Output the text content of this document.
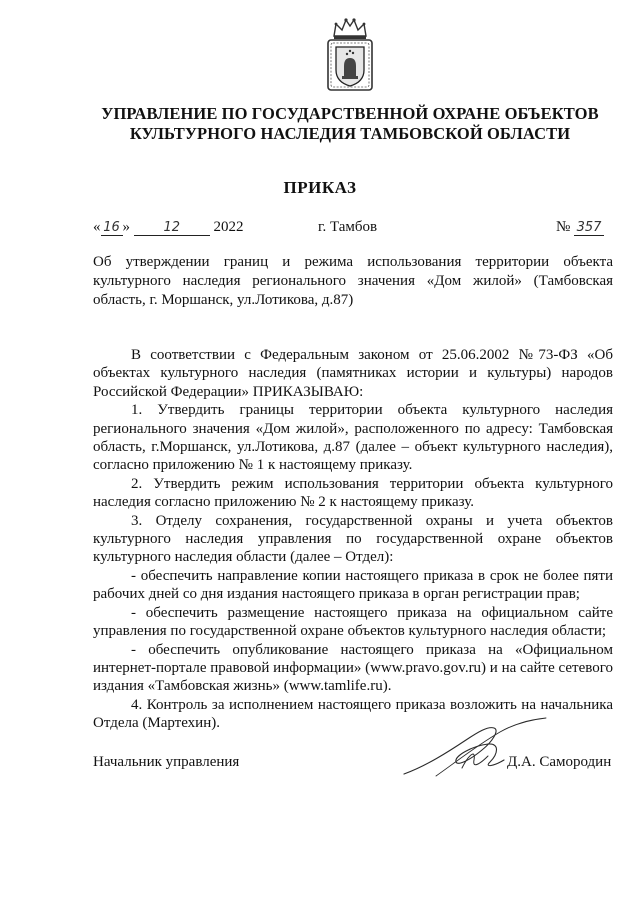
УПРАВЛЕНИЕ ПО ГОСУДАРСТВЕННОЙ ОХРАНЕ ОБЪЕКТОВ
КУЛЬТУРНОГО НАСЛЕДИЯ ТАМБОВСКОЙ ОБЛАСТИ
ПРИКАЗ
« 16 »	12 2022	г. Тамбов	№ 357
Об утверждении границ и режима использования территории объекта культурного наследия регионального значения «Дом жилой» (Тамбовская область, г. Моршанск, ул.Лотикова, д.87)

В соответствии с Федеральным законом от 25.06.2002 №73-ФЗ «Об объектах культурного наследия (памятниках истории и культуры) народов Российской Федерации» ПРИКАЗЫВАЮ:

1. Утвердить границы территории объекта культурного наследия регионального значения «Дом жилой», расположенного по адресу: Тамбовская область, г.Моршанск, ул.Лотикова, д.87 (далее – объект культурного наследия), согласно приложению № 1 к настоящему приказу.

2. Утвердить режим использования территории объекта культурного наследия согласно приложению № 2 к настоящему приказу.

3. Отделу сохранения, государственной охраны и учета объектов культурного наследия управления по государственной охране объектов культурного наследия области (далее – Отдел):

- обеспечить направление копии настоящего приказа в срок не более пяти рабочих дней со дня издания настоящего приказа в орган регистрации прав;

- обеспечить размещение настоящего приказа на официальном сайте управления по государственной охране объектов культурного наследия области;

- обеспечить опубликование настоящего приказа на «Официальном интернет-портале правовой информации» (www.pravo.gov.ru) и на сайте сетевого издания «Тамбовская жизнь» (www.tamlife.ru).

4. Контроль за исполнением настоящего приказа возложить на начальника Отдела (Мартехин).

Начальник управления	Д.А. Самородин
